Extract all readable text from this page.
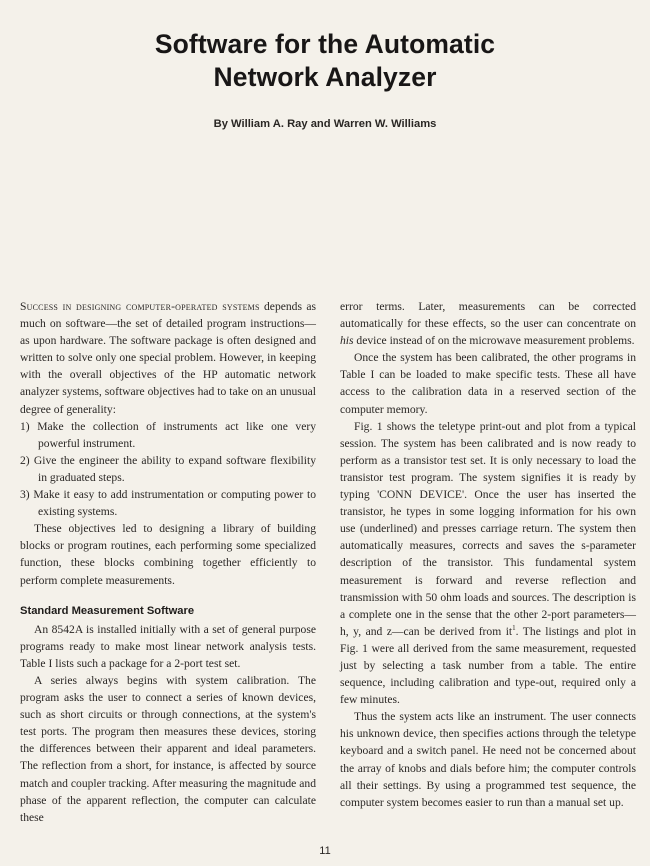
Software for the Automatic
Network Analyzer
By William A. Ray and Warren W. Williams

Success in designing computer-operated systems depends as much on software—the set of detailed program instructions—as upon hardware. The software package is often designed and written to solve only one special problem. However, in keeping with the overall objectives of the HP automatic network analyzer systems, software objectives had to take on an unusual degree of generality:

1) Make the collection of instruments act like one very powerful instrument.
2) Give the engineer the ability to expand software flexibility in graduated steps.
3) Make it easy to add instrumentation or computing power to existing systems.

These objectives led to designing a library of building blocks or program routines, each performing some specialized function, these blocks combining together efficiently to perform complete measurements.

Standard Measurement Software

An 8542A is installed initially with a set of general purpose programs ready to make most linear network analysis tests. Table I lists such a package for a 2-port test set.

A series always begins with system calibration. The program asks the user to connect a series of known devices, such as short circuits or through connections, at the system's test ports. The program then measures these devices, storing the differences between their apparent and ideal parameters. The reflection from a short, for instance, is affected by source match and coupler tracking. After measuring the magnitude and phase of the apparent reflection, the computer can calculate these

error terms. Later, measurements can be corrected automatically for these effects, so the user can concentrate on his device instead of on the microwave measurement problems.

Once the system has been calibrated, the other programs in Table I can be loaded to make specific tests. These all have access to the calibration data in a reserved section of the computer memory.

Fig. 1 shows the teletype print-out and plot from a typical session. The system has been calibrated and is now ready to perform as a transistor test set. It is only necessary to load the transistor test program. The system signifies it is ready by typing 'CONN DEVICE'. Once the user has inserted the transistor, he types in some logging information for his own use (underlined) and presses carriage return. The system then automatically measures, corrects and saves the s-parameter description of the transistor. This fundamental system measurement is forward and reverse reflection and transmission with 50 ohm loads and sources. The description is a complete one in the sense that the other 2-port parameters—h, y, and z—can be derived from $it^1$. The listings and plot in Fig. 1 were all derived from the same measurement, requested just by selecting a task number from a table. The entire sequence, including calibration and type-out, required only a few minutes.

Thus the system acts like an instrument. The user connects his unknown device, then specifies actions through the teletype keyboard and a switch panel. He need not be concerned about the array of knobs and dials before him; the computer controls all their settings. By using a programmed test sequence, the computer system becomes easier to run than a manual set up.

11
